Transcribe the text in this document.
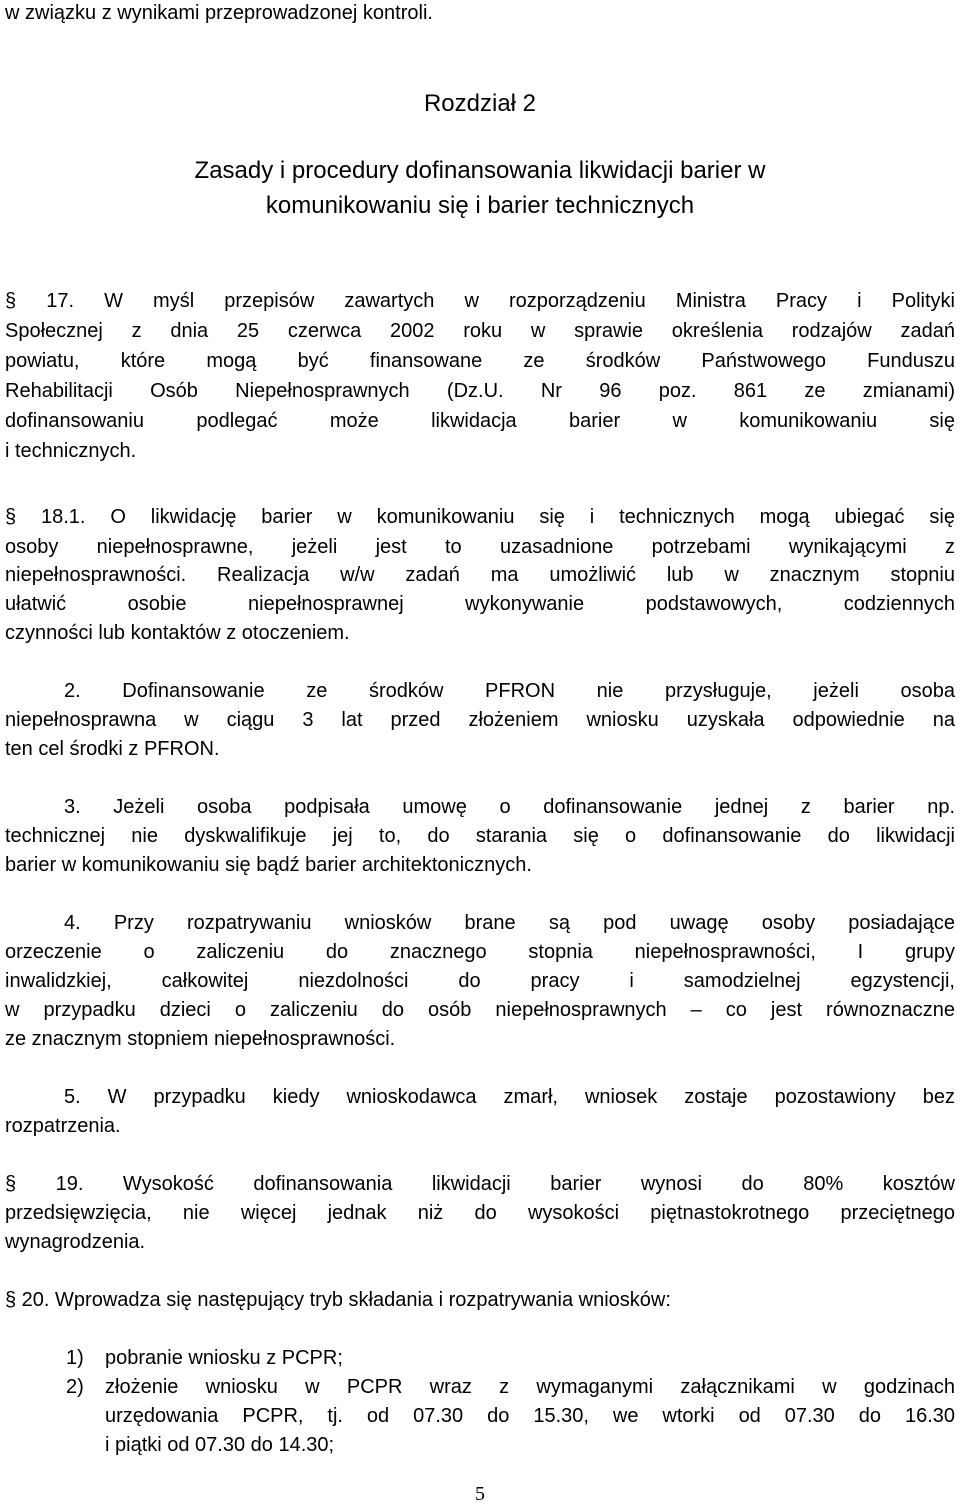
w związku z wynikami przeprowadzonej kontroli.
Rozdział 2
Zasady i procedury dofinansowania likwidacji barier w
komunikowaniu się i barier technicznych
§ 17. W myśl przepisów zawartych w rozporządzeniu Ministra Pracy i Polityki
Społecznej z dnia 25 czerwca 2002 roku w sprawie określenia rodzajów zadań
powiatu, które mogą być finansowane ze środków Państwowego Funduszu
Rehabilitacji Osób Niepełnosprawnych (Dz.U. Nr 96 poz. 861 ze zmianami)
dofinansowaniu podlegać może likwidacja barier w komunikowaniu się
i technicznych.
§ 18.1. O likwidację barier w komunikowaniu się i technicznych mogą ubiegać się
osoby niepełnosprawne, jeżeli jest to uzasadnione potrzebami wynikającymi z
niepełnosprawności. Realizacja w/w zadań ma umożliwić lub w znacznym stopniu
ułatwić osobie niepełnosprawnej wykonywanie podstawowych, codziennych
czynności lub kontaktów z otoczeniem.
2. Dofinansowanie ze środków PFRON nie przysługuje, jeżeli osoba
niepełnosprawna w ciągu 3 lat przed złożeniem wniosku uzyskała odpowiednie na
ten cel środki z PFRON.
3. Jeżeli osoba podpisała umowę o dofinansowanie jednej z barier np.
technicznej nie dyskwalifikuje jej to, do starania się o dofinansowanie do likwidacji
barier w komunikowaniu się bądź barier architektonicznych.
4. Przy rozpatrywaniu wniosków brane są pod uwagę osoby posiadające
orzeczenie o zaliczeniu do znacznego stopnia niepełnosprawności, I grupy
inwalidzkiej, całkowitej niezdolności do pracy i samodzielnej egzystencji,
w przypadku dzieci o zaliczeniu do osób niepełnosprawnych – co jest równoznaczne
ze znacznym stopniem niepełnosprawności.
5. W przypadku kiedy wnioskodawca zmarł, wniosek zostaje pozostawiony bez
rozpatrzenia.
§ 19. Wysokość dofinansowania likwidacji barier wynosi do 80% kosztów
przedsięwzięcia, nie więcej jednak niż do wysokości piętnastokrotnego przeciętnego
wynagrodzenia.
§ 20. Wprowadza się następujący tryb składania i rozpatrywania wniosków:
1) pobranie wniosku z PCPR;
2) złożenie wniosku w PCPR wraz z wymaganymi załącznikami w godzinach
urzędowania PCPR, tj. od 07.30 do 15.30, we wtorki od 07.30 do 16.30
i piątki od 07.30 do 14.30;
5
